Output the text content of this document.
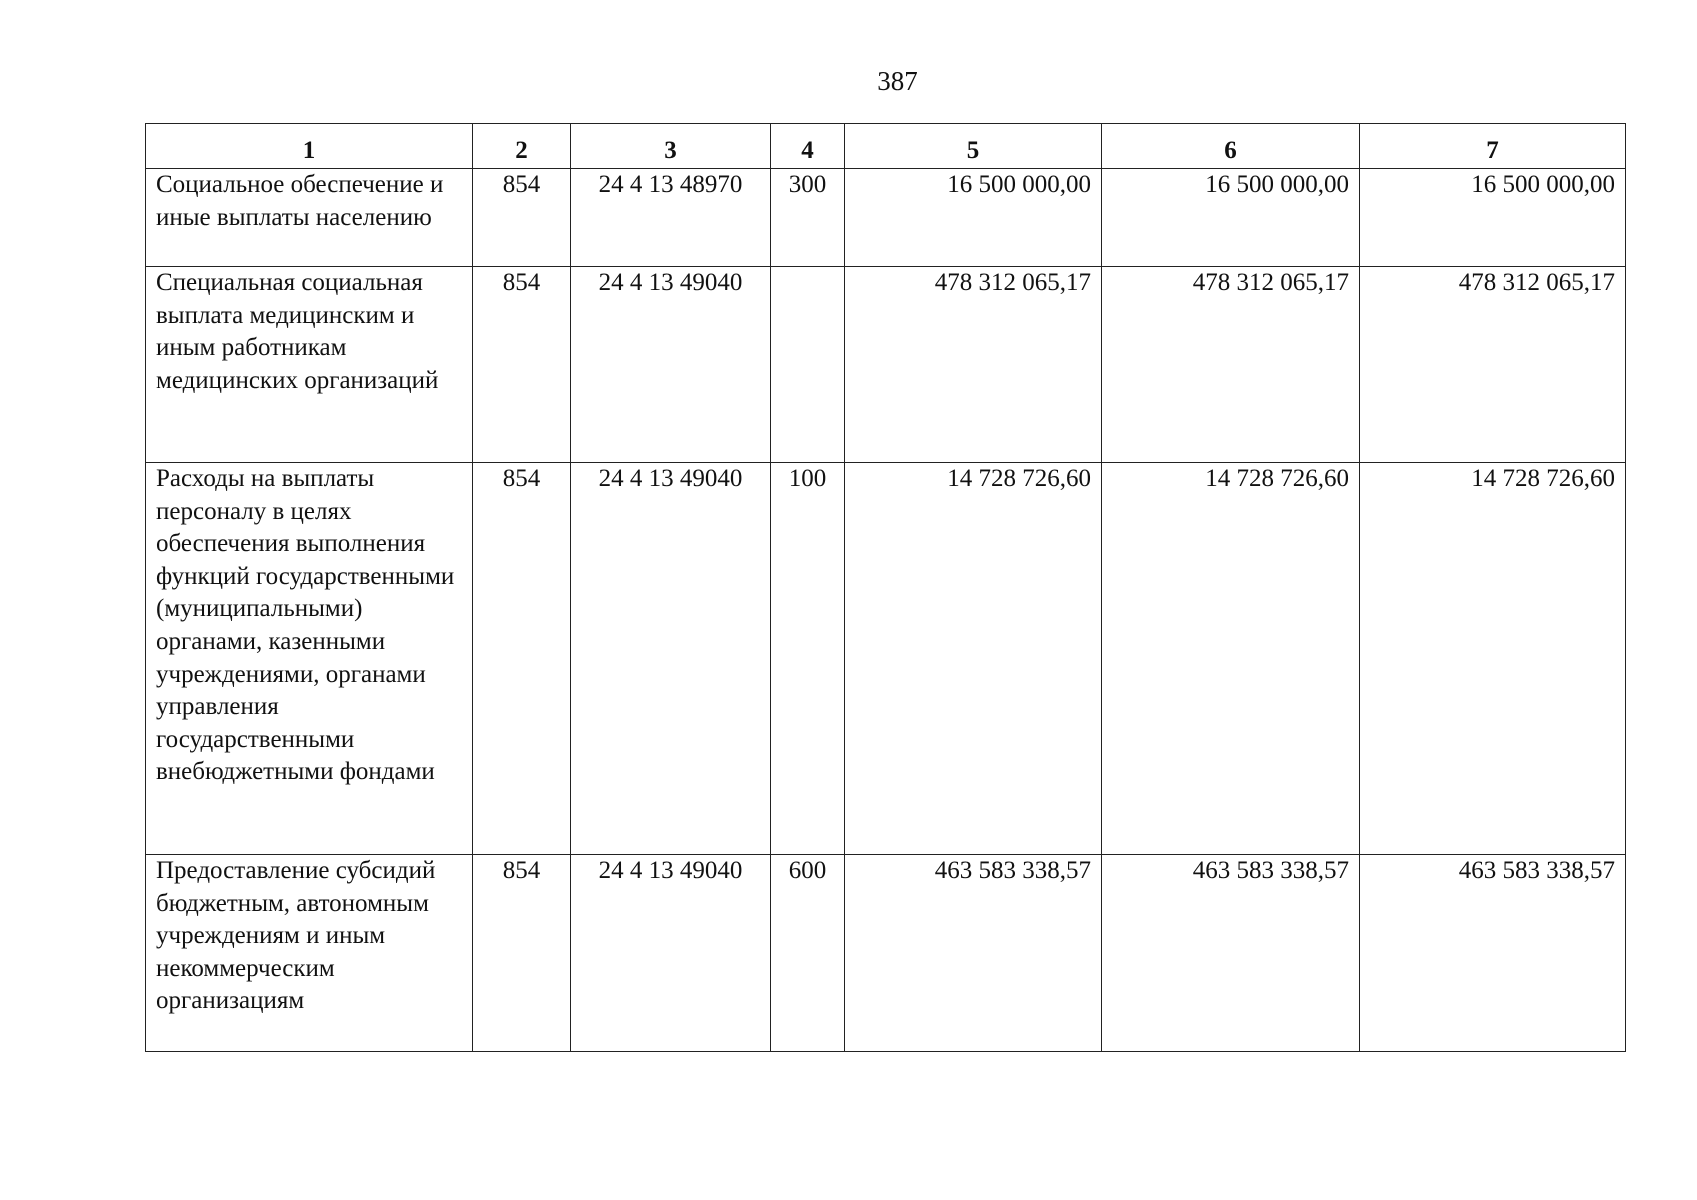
387
1	2	3	4	5	6	7
Социальное обеспечение и иные выплаты населению	854	24 4 13 48970	300	16 500 000,00	16 500 000,00	16 500 000,00
Специальная социальная выплата медицинским и иным работникам медицинских организаций	854	24 4 13 49040		478 312 065,17	478 312 065,17	478 312 065,17
Расходы на выплаты персоналу в целях обеспечения выполнения функций государственными (муниципальными) органами, казенными учреждениями, органами управления государственными внебюджетными фондами	854	24 4 13 49040	100	14 728 726,60	14 728 726,60	14 728 726,60
Предоставление субсидий бюджетным, автономным учреждениям и иным некоммерческим организациям	854	24 4 13 49040	600	463 583 338,57	463 583 338,57	463 583 338,57
